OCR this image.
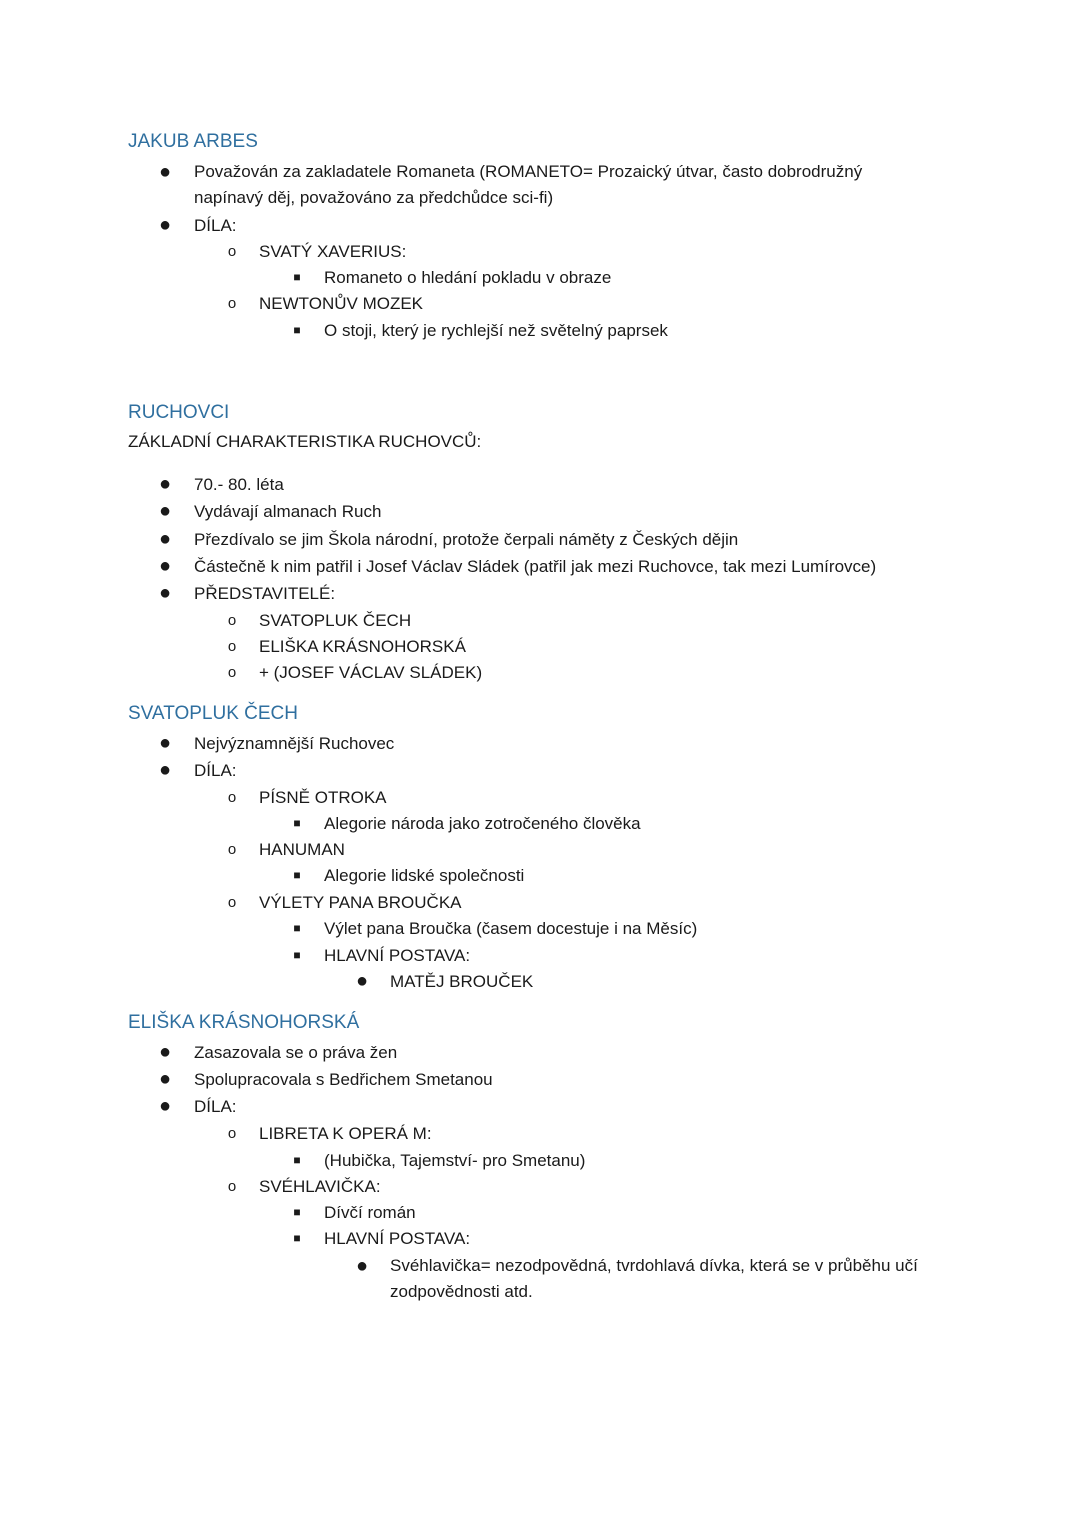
JAKUB ARBES
● Považován za zakladatele Romaneta (ROMANETO= Prozaický útvar, často dobrodružný napínavý děj, považováno za předchůdce sci-fi)
● DÍLA:
o SVATÝ XAVERIUS:
■ Romaneto o hledání pokladu v obraze
o NEWTONŮV MOZEK
■ O stoji, který je rychlejší než světelný paprsek
RUCHOVCI
ZÁKLADNÍ CHARAKTERISTIKA RUCHOVCŮ:
● 70.- 80. léta
● Vydávají almanach Ruch
● Přezdívalo se jim Škola národní, protože čerpali náměty z Českých dějin
● Částečně k nim patřil i Josef Václav Sládek (patřil jak mezi Ruchovce, tak mezi Lumírovce)
● PŘEDSTAVITELÉ:
o SVATOPLUK ČECH
o ELIŠKA KRÁSNOHORSKÁ
o + (JOSEF VÁCLAV SLÁDEK)
SVATOPLUK ČECH
● Nejvýznamnější Ruchovec
● DÍLA:
o PÍSNĚ OTROKA
■ Alegorie národa jako zotročeného člověka
o HANUMAN
■ Alegorie lidské společnosti
o VÝLETY PANA BROUČKA
■ Výlet pana Broučka (časem docestuje i na Měsíc)
■ HLAVNÍ POSTAVA:
● MATĚJ BROUČEK
ELIŠKA KRÁSNOHORSKÁ
● Zasazovala se o práva žen
● Spolupracovala s Bedřichem Smetanou
● DÍLA:
o LIBRETA K OPERÁ M:
■ (Hubička, Tajemství- pro Smetanu)
o SVÉHLAVIČKA:
■ Dívčí román
■ HLAVNÍ POSTAVA:
● Svéhlavička= nezodpovědná, tvrdohlavá dívka, která se v průběhu učí zodpovědnosti atd.
